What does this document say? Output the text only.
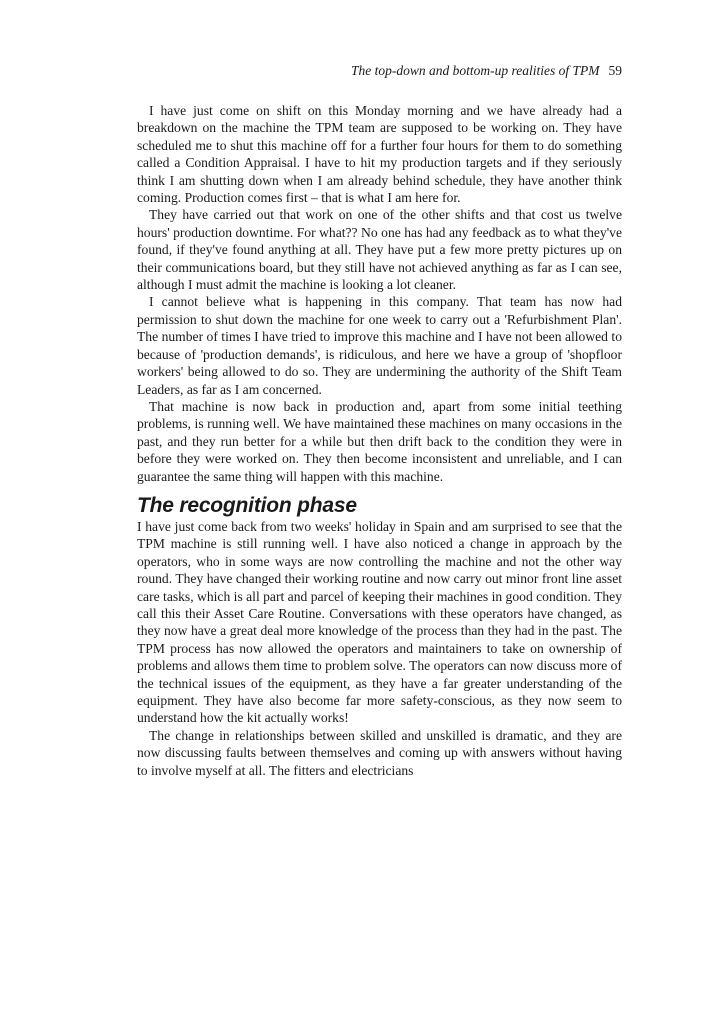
The top-down and bottom-up realities of TPM 59

I have just come on shift on this Monday morning and we have already had a breakdown on the machine the TPM team are supposed to be working on. They have scheduled me to shut this machine off for a further four hours for them to do something called a Condition Appraisal. I have to hit my production targets and if they seriously think I am shutting down when I am already behind schedule, they have another think coming. Production comes first – that is what I am here for.

They have carried out that work on one of the other shifts and that cost us twelve hours' production downtime. For what?? No one has had any feedback as to what they've found, if they've found anything at all. They have put a few more pretty pictures up on their communications board, but they still have not achieved anything as far as I can see, although I must admit the machine is looking a lot cleaner.

I cannot believe what is happening in this company. That team has now had permission to shut down the machine for one week to carry out a 'Refurbishment Plan'. The number of times I have tried to improve this machine and I have not been allowed to because of 'production demands', is ridiculous, and here we have a group of 'shopfloor workers' being allowed to do so. They are undermining the authority of the Shift Team Leaders, as far as I am concerned.

That machine is now back in production and, apart from some initial teething problems, is running well. We have maintained these machines on many occasions in the past, and they run better for a while but then drift back to the condition they were in before they were worked on. They then become inconsistent and unreliable, and I can guarantee the same thing will happen with this machine.

The recognition phase

I have just come back from two weeks' holiday in Spain and am surprised to see that the TPM machine is still running well. I have also noticed a change in approach by the operators, who in some ways are now controlling the machine and not the other way round. They have changed their working routine and now carry out minor front line asset care tasks, which is all part and parcel of keeping their machines in good condition. They call this their Asset Care Routine. Conversations with these operators have changed, as they now have a great deal more knowledge of the process than they had in the past. The TPM process has now allowed the operators and maintainers to take on ownership of problems and allows them time to problem solve. The operators can now discuss more of the technical issues of the equipment, as they have a far greater understanding of the equipment. They have also become far more safety-conscious, as they now seem to understand how the kit actually works!

The change in relationships between skilled and unskilled is dramatic, and they are now discussing faults between themselves and coming up with answers without having to involve myself at all. The fitters and electricians
